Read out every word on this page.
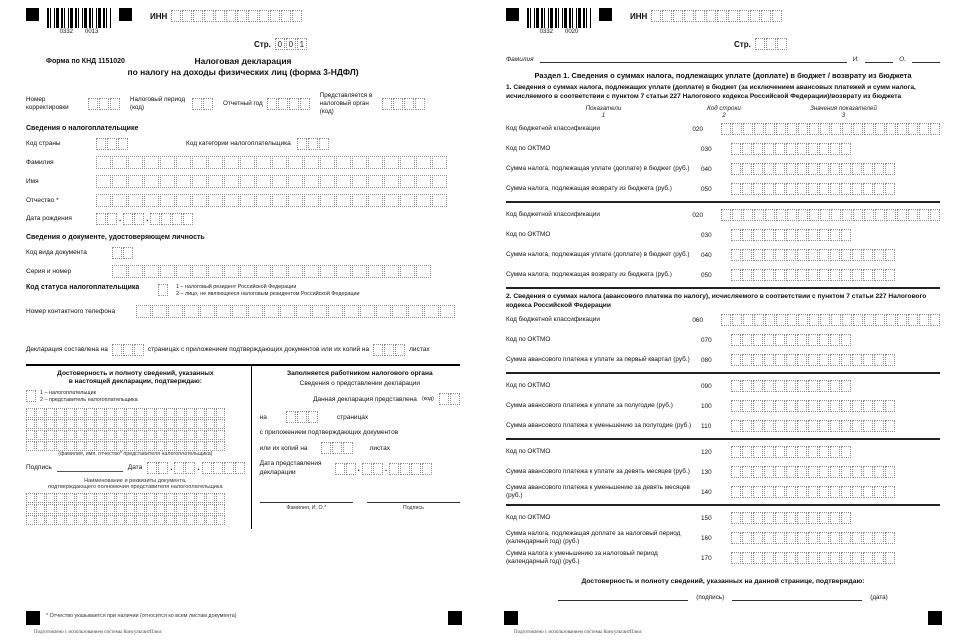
0332 0013
ИНН
Стр. 0 0 1
Форма по КНД 1151020	Налоговая декларация
по налогу на доходы физических лиц (форма 3-НДФЛ)
Номер корректировки
Налоговый период (код)
Отчетный год
Представляется в налоговый орган (код)
Сведения о налогоплательщике
Код страны	Код категории налогоплательщика
Фамилия
Имя
Отчество *
Дата рождения	.	.
Сведения о документе, удостоверяющем личность
Код вида документа
Серия и номер
Код статуса налогоплательщика	1 – налоговый резидент Российской Федерации
2 – лицо, не являющееся налоговым резидентом Российской Федерации
Номер контактного телефона
Декларация составлена на	страницах с приложением подтверждающих документов или их копий на	листах
Достоверность и полноту сведений, указанных
в настоящей декларации, подтверждаю:
1 – налогоплательщик
2 – представитель налогоплательщика
(фамилия, имя, отчество* представителя налогоплательщика)
Подпись	Дата	.	.
Наименование и реквизиты документа,
подтверждающего полномочия представителя налогоплательщика
Заполняется работником налогового органа
Сведения о представлении декларации
Данная декларация представлена (код)
на	страницах
с приложением подтверждающих документов
или их копий на	листах
Дата представления декларации	.	.
Фамилия, И. О.*	Подпись
* Отчество указывается при наличии (относится ко всем листам документа)
Подготовлено с использованием системы КонсультантПлюс
0332 0020
ИНН
Стр.
Фамилия	И.	О.
Раздел 1. Сведения о суммах налога, подлежащих уплате (доплате) в бюджет / возврату из бюджета
1. Сведения о суммах налога, подлежащих уплате (доплате) в бюджет (за исключением авансовых платежей и сумм налога, исчисляемого в соответствии с пунктом 7 статьи 227 Налогового кодекса Российской Федерации)/возврату из бюджета
Показатели
1
Код строки
2
Значения показателей
3
Код бюджетной классификации	020
Код по ОКТМО	030
Сумма налога, подлежащая уплате (доплате) в бюджет (руб.)	040
Сумма налога, подлежащая возврату из бюджета (руб.)	050
Код бюджетной классификации	020
Код по ОКТМО	030
Сумма налога, подлежащая уплате (доплате) в бюджет (руб.)	040
Сумма налога, подлежащая возврату из бюджета (руб.)	050
2. Сведения о суммах налога (авансового платежа по налогу), исчисляемого в соответствии с пунктом 7 статьи 227 Налогового кодекса Российской Федерации
Код бюджетной классификации	060
Код по ОКТМО	070
Сумма авансового платежа к уплате за первый квартал (руб.)	080
Код по ОКТМО	090
Сумма авансового платежа к уплате за полугодие (руб.)	100
Сумма авансового платежа к уменьшению за полугодие (руб.)	110
Код по ОКТМО	120
Сумма авансового платежа к уплате за девять месяцев (руб.)	130
Сумма авансового платежа к уменьшению за девять месяцев (руб.)	140
Код по ОКТМО	150
Сумма налога, подлежащая доплате за налоговый период (календарный год) (руб.)	160
Сумма налога к уменьшению за налоговый период (календарный год) (руб.)	170
Достоверность и полноту сведений, указанных на данной странице, подтверждаю:
(подпись)	(дата)
Подготовлено с использованием системы КонсультантПлюс
